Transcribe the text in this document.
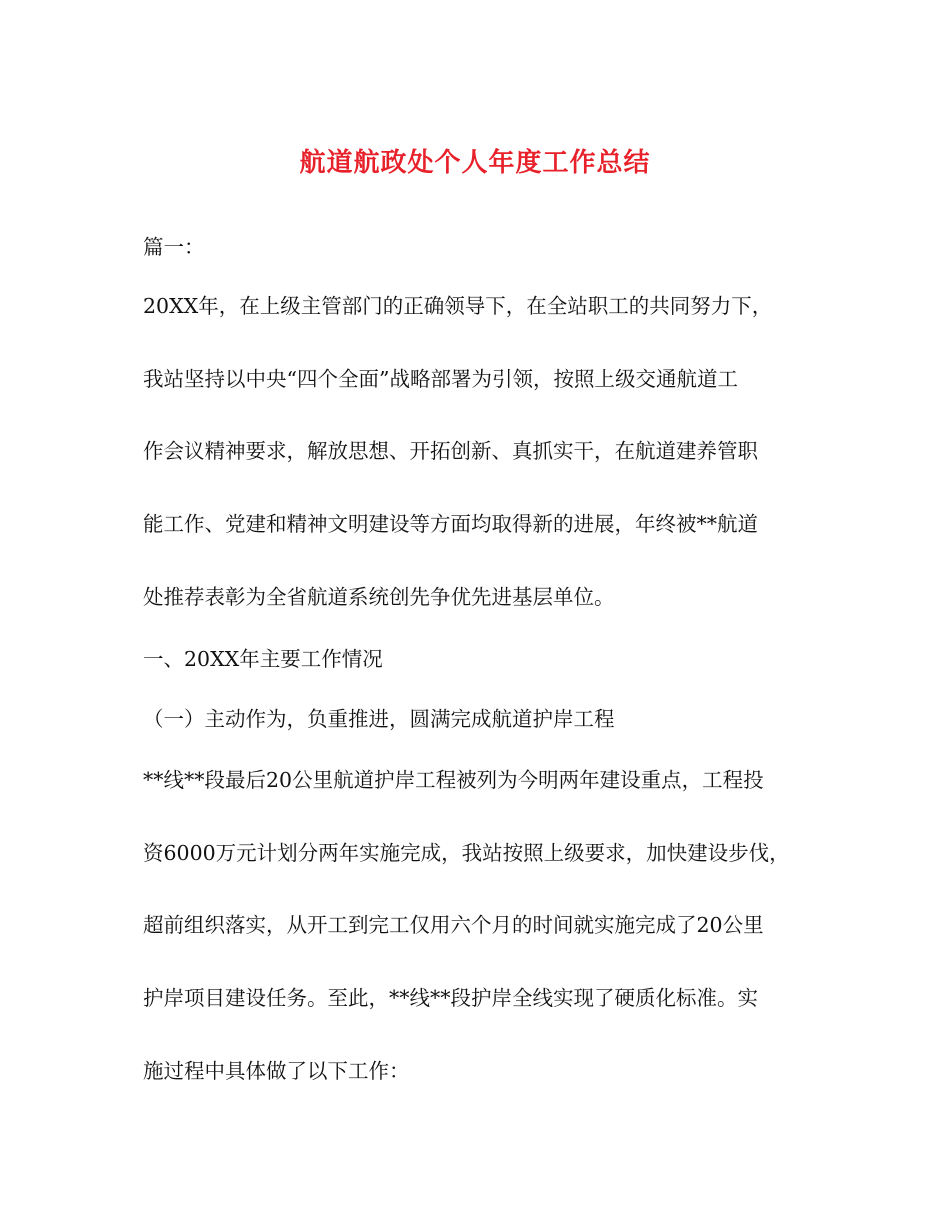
航道航政处个人年度工作总结
篇一：
20XX年，在上级主管部门的正确领导下，在全站职工的共同努力下，
我站坚持以中央“四个全面”战略部署为引领，按照上级交通航道工
作会议精神要求，解放思想、开拓创新、真抓实干，在航道建养管职
能工作、党建和精神文明建设等方面均取得新的进展，年终被**航道
处推荐表彰为全省航道系统创先争优先进基层单位。
一、20XX年主要工作情况
（一）主动作为，负重推进，圆满完成航道护岸工程
**线**段最后20公里航道护岸工程被列为今明两年建设重点，工程投
资6000万元计划分两年实施完成，我站按照上级要求，加快建设步伐，
超前组织落实，从开工到完工仅用六个月的时间就实施完成了20公里
护岸项目建设任务。至此，**线**段护岸全线实现了硬质化标准。实
施过程中具体做了以下工作：
